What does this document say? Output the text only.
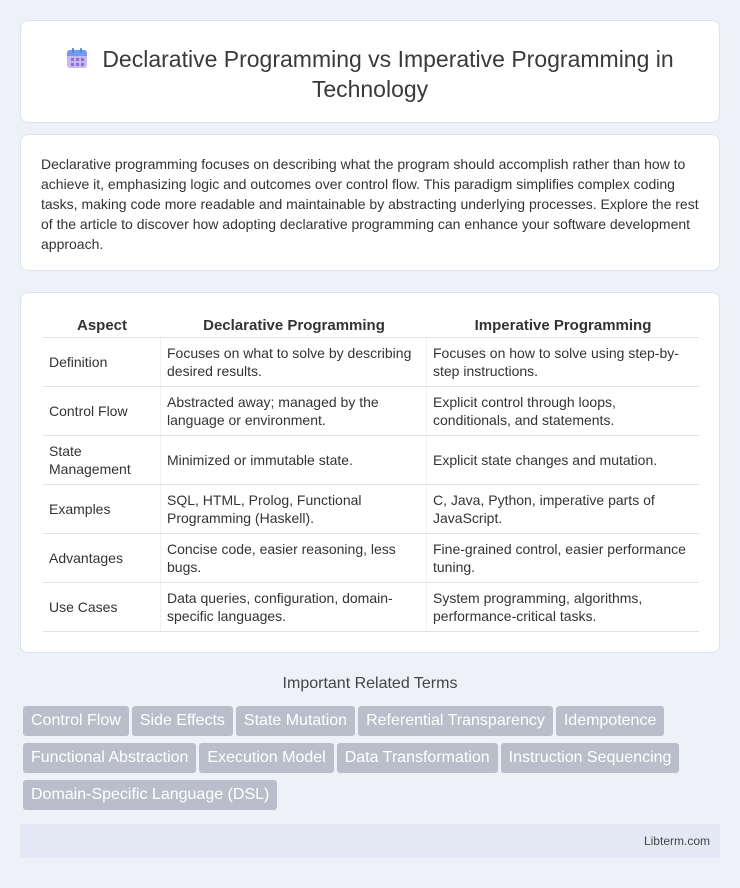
Declarative Programming vs Imperative Programming in Technology

Declarative programming focuses on describing what the program should accomplish rather than how to achieve it, emphasizing logic and outcomes over control flow. This paradigm simplifies complex coding tasks, making code more readable and maintainable by abstracting underlying processes. Explore the rest of the article to discover how adopting declarative programming can enhance your software development approach.

Aspect	Declarative Programming	Imperative Programming
Definition	Focuses on what to solve by describing desired results.	Focuses on how to solve using step-by-step instructions.
Control Flow	Abstracted away; managed by the language or environment.	Explicit control through loops, conditionals, and statements.
State Management	Minimized or immutable state.	Explicit state changes and mutation.
Examples	SQL, HTML, Prolog, Functional Programming (Haskell).	C, Java, Python, imperative parts of JavaScript.
Advantages	Concise code, easier reasoning, less bugs.	Fine-grained control, easier performance tuning.
Use Cases	Data queries, configuration, domain-specific languages.	System programming, algorithms, performance-critical tasks.
Important Related Terms
Control Flow Side Effects State Mutation Referential Transparency Idempotence
Functional Abstraction Execution Model Data Transformation Instruction Sequencing
Domain-Specific Language (DSL)
Libterm.com
